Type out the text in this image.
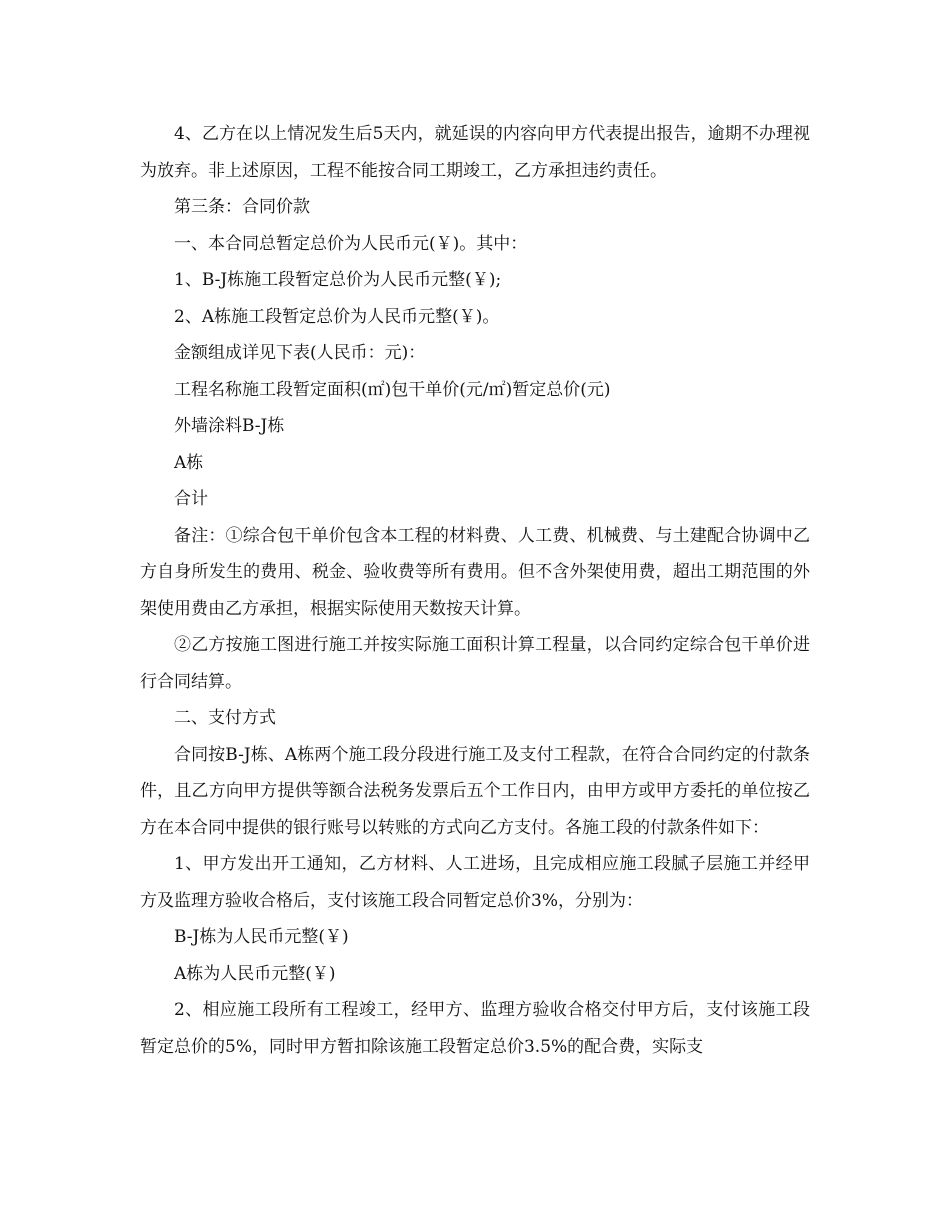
4、乙方在以上情况发生后5天内，就延误的内容向甲方代表提出报告，逾期不办理视为放弃。非上述原因，工程不能按合同工期竣工，乙方承担违约责任。

第三条：合同价款

一、本合同总暂定总价为人民币元(￥)。其中：

1、B-J栋施工段暂定总价为人民币元整(￥);

2、A栋施工段暂定总价为人民币元整(￥)。

金额组成详见下表(人民币：元)：

工程名称施工段暂定面积(㎡)包干单价(元/㎡)暂定总价(元)

外墙涂料B-J栋

A栋

合计

备注：①综合包干单价包含本工程的材料费、人工费、机械费、与土建配合协调中乙方自身所发生的费用、税金、验收费等所有费用。但不含外架使用费，超出工期范围的外架使用费由乙方承担，根据实际使用天数按天计算。

②乙方按施工图进行施工并按实际施工面积计算工程量，以合同约定综合包干单价进行合同结算。

二、支付方式

合同按B-J栋、A栋两个施工段分段进行施工及支付工程款，在符合合同约定的付款条件，且乙方向甲方提供等额合法税务发票后五个工作日内，由甲方或甲方委托的单位按乙方在本合同中提供的银行账号以转账的方式向乙方支付。各施工段的付款条件如下：

1、甲方发出开工通知，乙方材料、人工进场，且完成相应施工段腻子层施工并经甲方及监理方验收合格后，支付该施工段合同暂定总价3%，分别为：

B-J栋为人民币元整(￥)

A栋为人民币元整(￥)

2、相应施工段所有工程竣工，经甲方、监理方验收合格交付甲方后，支付该施工段暂定总价的5%，同时甲方暂扣除该施工段暂定总价3.5%的配合费，实际支
